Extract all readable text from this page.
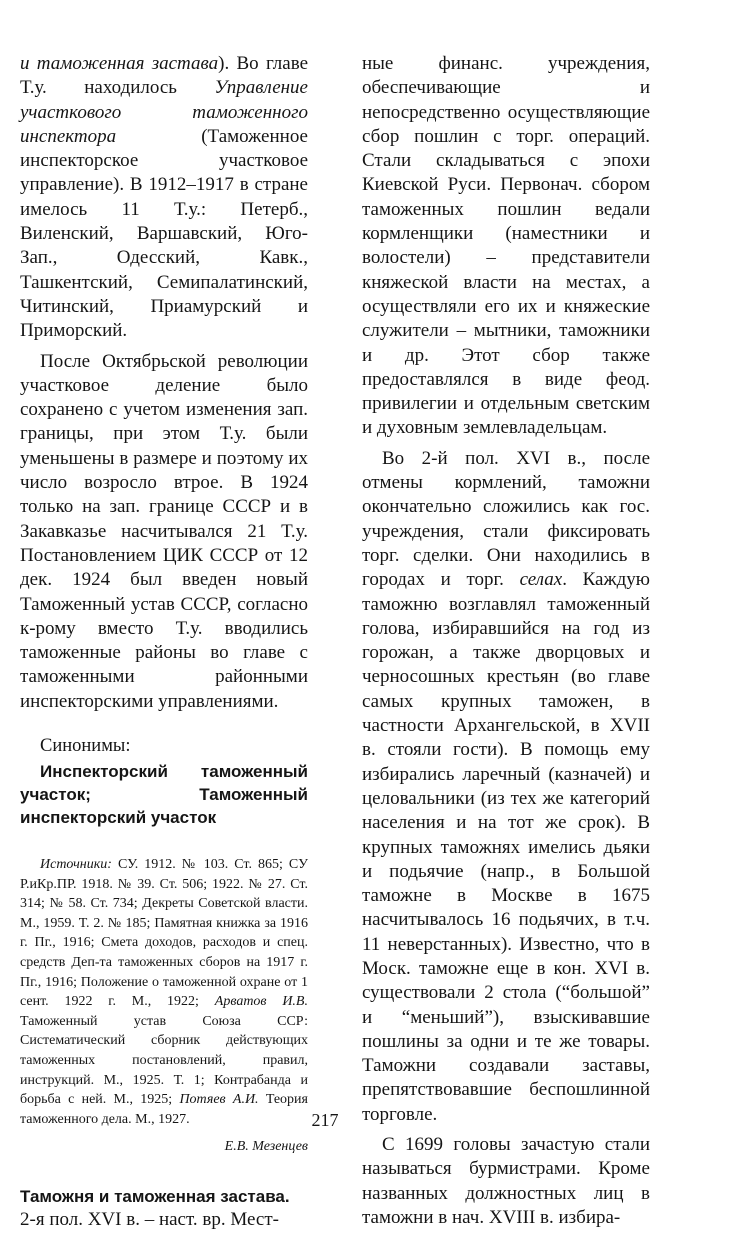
и таможенная застава). Во главе Т.у. находилось Управление участкового таможенного инспектора (Таможенное инспекторское участковое управление). В 1912–1917 в стране имелось 11 Т.у.: Петерб., Виленский, Варшавский, Юго-Зап., Одесский, Кавк., Ташкентский, Семипалатинский, Читинский, Приамурский и Приморский.

После Октябрьской революции участковое деление было сохранено с учетом изменения зап. границы, при этом Т.у. были уменьшены в размере и поэтому их число возросло втрое. В 1924 только на зап. границе СССР и в Закавказье насчитывался 21 Т.у. Постановлением ЦИК СССР от 12 дек. 1924 был введен новый Таможенный устав СССР, согласно к-рому вместо Т.у. вводились таможенные районы во главе с таможенными районными инспекторскими управлениями.

Синонимы:

Инспекторский таможенный участок; Таможенный инспекторский участок

Источники: СУ. 1912. № 103. Ст. 865; СУ Р.иКр.ПР. 1918. № 39. Ст. 506; 1922. № 27. Ст. 314; № 58. Ст. 734; Декреты Советской власти. М., 1959. Т. 2. № 185; Памятная книжка за 1916 г. Пг., 1916; Смета доходов, расходов и спец. средств Деп-та таможенных сборов на 1917 г. Пг., 1916; Положение о таможенной охране от 1 сент. 1922 г. М., 1922; Арватов И.В. Таможенный устав Союза ССР: Систематический сборник действующих таможенных постановлений, правил, инструкций. М., 1925. Т. 1; Контрабанда и борьба с ней. М., 1925; Потяев А.И. Теория таможенного дела. М., 1927.

Е.В. Мезенцев

Таможня и таможенная застава.

2-я пол. XVI в. – наст. вр. Мест-

ные финанс. учреждения, обеспечивающие и непосредственно осуществляющие сбор пошлин с торг. операций. Стали складываться с эпохи Киевской Руси. Первонач. сбором таможенных пошлин ведали кормленщики (наместники и волостели) – представители княжеской власти на местах, а осуществляли его их и княжеские служители – мытники, таможники и др. Этот сбор также предоставлялся в виде феод. привилегии и отдельным светским и духовным землевладельцам.

Во 2-й пол. XVI в., после отмены кормлений, таможни окончательно сложились как гос. учреждения, стали фиксировать торг. сделки. Они находились в городах и торг. селах. Каждую таможню возглавлял таможенный голова, избиравшийся на год из горожан, а также дворцовых и черносошных крестьян (во главе самых крупных таможен, в частности Архангельской, в XVII в. стояли гости). В помощь ему избирались ларечный (казначей) и целовальники (из тех же категорий населения и на тот же срок). В крупных таможнях имелись дьяки и подьячие (напр., в Большой таможне в Москве в 1675 насчитывалось 16 подьячих, в т.ч. 11 неверстанных). Известно, что в Моск. таможне еще в кон. XVI в. существовали 2 стола (“большой” и “меньший”), взыскивавшие пошлины за одни и те же товары. Таможни создавали заставы, препятствовавшие беспошлинной торговле.

С 1699 головы зачастую стали называться бурмистрами. Кроме названных должностных лиц в таможни в нач. XVIII в. избира-

217
